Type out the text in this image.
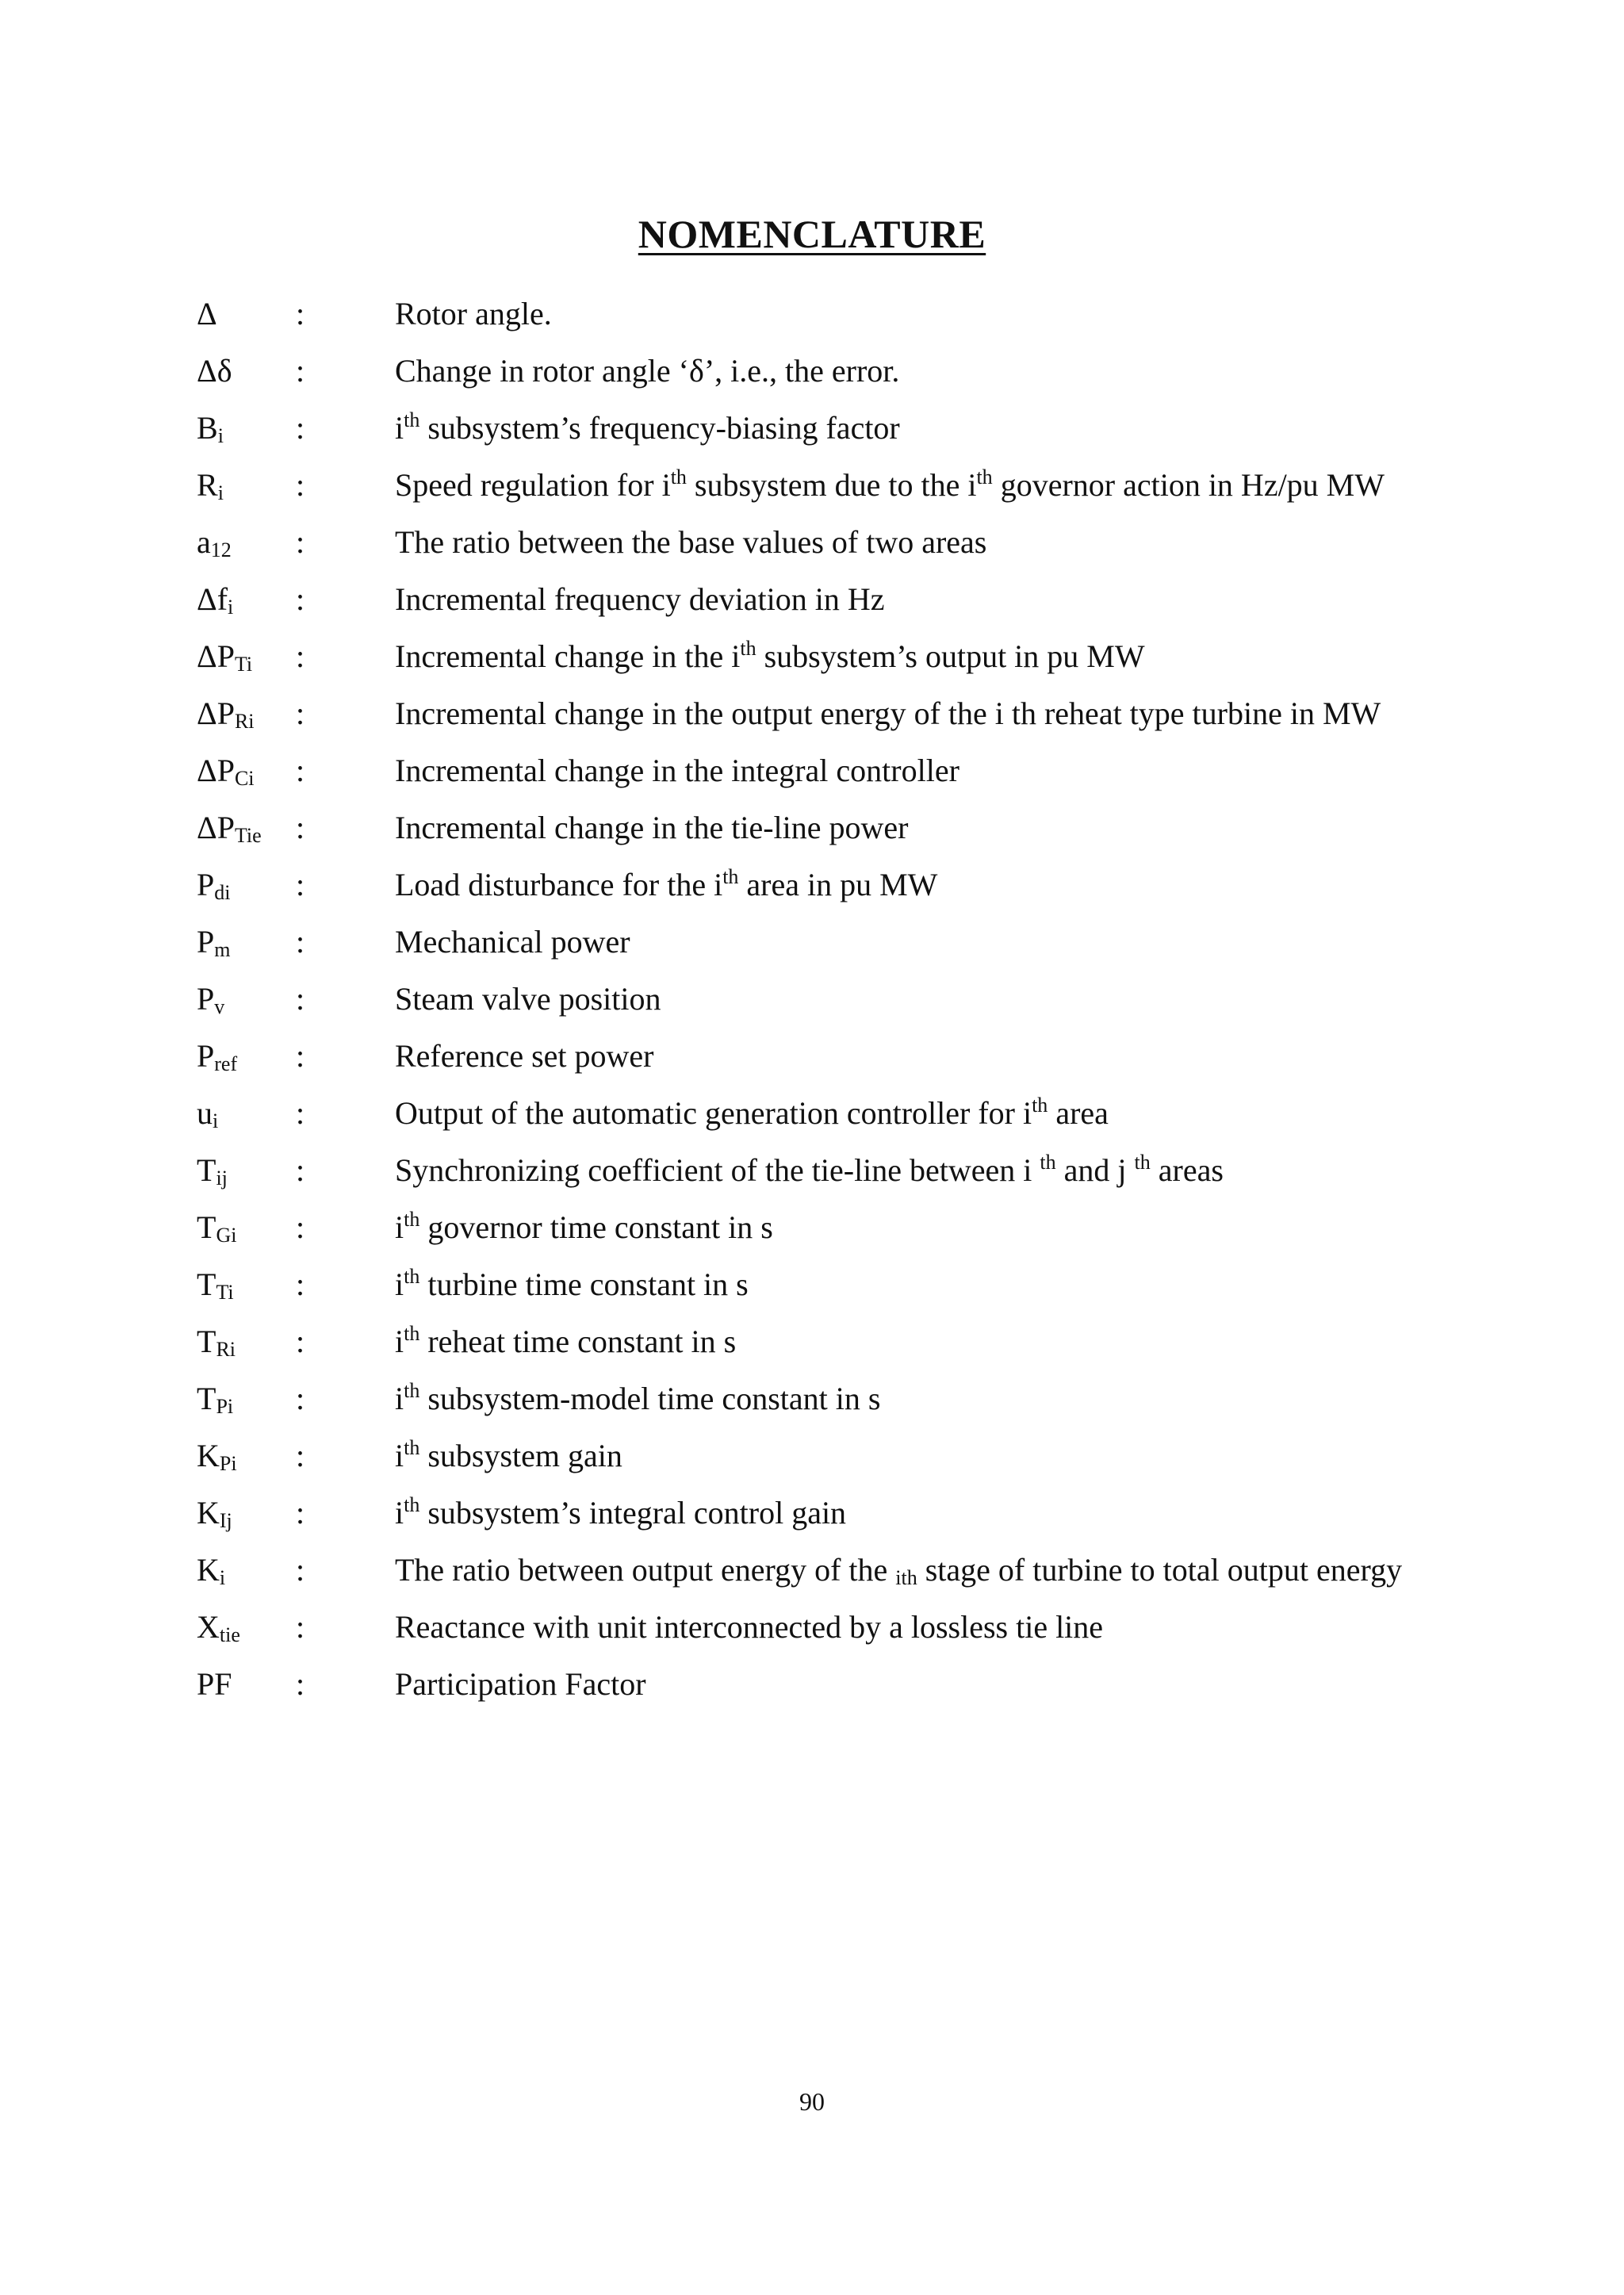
NOMENCLATURE
Δ	:	Rotor angle.
Δδ	:	Change in rotor angle ‘δ’, i.e., the error.
Bi	:	$i^{th}$ subsystem’s frequency-biasing factor
Ri	:	Speed regulation for $i^{th}$ subsystem due to the $i^{th}$ governor action in Hz/pu MW
a12	:	The ratio between the base values of two areas
Δfi	:	Incremental frequency deviation in Hz
ΔPTi	:	Incremental change in the $i^{th}$ subsystem’s output in pu MW
ΔPRi	:	Incremental change in the output energy of the i th reheat type turbine in MW
ΔPCi	:	Incremental change in the integral controller
ΔPTie	:	Incremental change in the tie-line power
Pdi	:	Load disturbance for the $i^{th}$ area in pu MW
Pm	:	Mechanical power
Pv	:	Steam valve position
Pref	:	Reference set power
ui	:	Output of the automatic generation controller for $i^{th}$ area
Tij	:	Synchronizing coefficient of the tie-line between i $^{th}$ and j $^{th}$ areas
TGi	:	$i^{th}$ governor time constant in s
TTi	:	$i^{th}$ turbine time constant in s
TRi	:	$i^{th}$ reheat time constant in s
TPi	:	$i^{th}$ subsystem-model time constant in s
KPi	:	$i^{th}$ subsystem gain
KIj	:	$i^{th}$ subsystem’s integral control gain
Ki	:	The ratio between output energy of the ith stage of turbine to total output energy
Xtie	:	Reactance with unit interconnected by a lossless tie line
PF	:	Participation Factor
90
